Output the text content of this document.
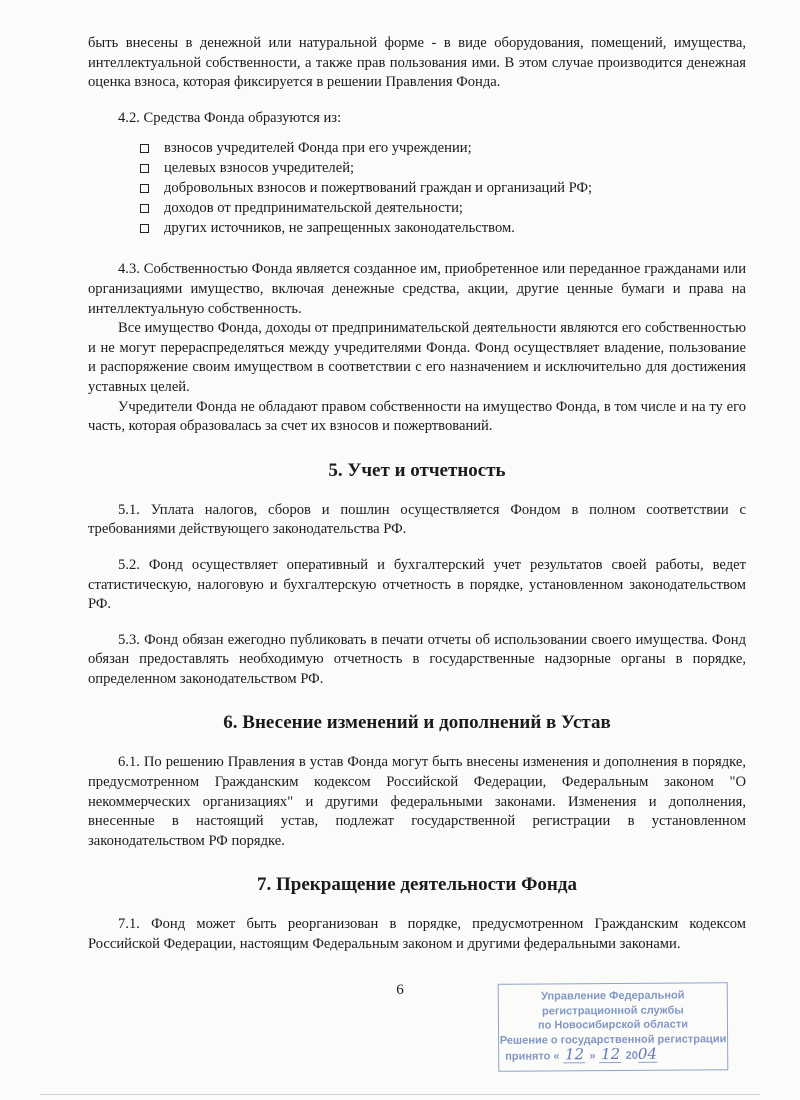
быть внесены в денежной или натуральной форме - в виде оборудования, помещений, имущества, интеллектуальной собственности, а также прав пользования ими. В этом случае производится денежная оценка взноса, которая фиксируется в решении Правления Фонда.

4.2. Средства Фонда образуются из:

взносов учредителей Фонда при его учреждении;
целевых взносов учредителей;
добровольных взносов и пожертвований граждан и организаций РФ;
доходов от предпринимательской деятельности;
других источников, не запрещенных законодательством.

4.3. Собственностью Фонда является созданное им, приобретенное или переданное гражданами или организациями имущество, включая денежные средства, акции, другие ценные бумаги и права на интеллектуальную собственность.

Все имущество Фонда, доходы от предпринимательской деятельности являются его собственностью и не могут перераспределяться между учредителями Фонда. Фонд осуществляет владение, пользование и распоряжение своим имуществом в соответствии с его назначением и исключительно для достижения уставных целей.

Учредители Фонда не обладают правом собственности на имущество Фонда, в том числе и на ту его часть, которая образовалась за счет их взносов и пожертвований.

5. Учет и отчетность

5.1. Уплата налогов, сборов и пошлин осуществляется Фондом в полном соответствии с требованиями действующего законодательства РФ.

5.2. Фонд осуществляет оперативный и бухгалтерский учет результатов своей работы, ведет статистическую, налоговую и бухгалтерскую отчетность в порядке, установленном законодательством РФ.

5.3. Фонд обязан ежегодно публиковать в печати отчеты об использовании своего имущества. Фонд обязан предоставлять необходимую отчетность в государственные надзорные органы в порядке, определенном законодательством РФ.

6. Внесение изменений и дополнений в Устав

6.1. По решению Правления в устав Фонда могут быть внесены изменения и дополнения в порядке, предусмотренном Гражданским кодексом Российской Федерации, Федеральным законом "О некоммерческих организациях" и другими федеральными законами. Изменения и дополнения, внесенные в настоящий устав, подлежат государственной регистрации в установленном законодательством РФ порядке.

7. Прекращение деятельности Фонда

7.1. Фонд может быть реорганизован в порядке, предусмотренном Гражданским кодексом Российской Федерации, настоящим Федеральным законом и другими федеральными законами.

6	Управление Федеральной
регистрационной службы
по Новосибирской области
Решение о государственной регистрации
принято « 12 » 12 2004
